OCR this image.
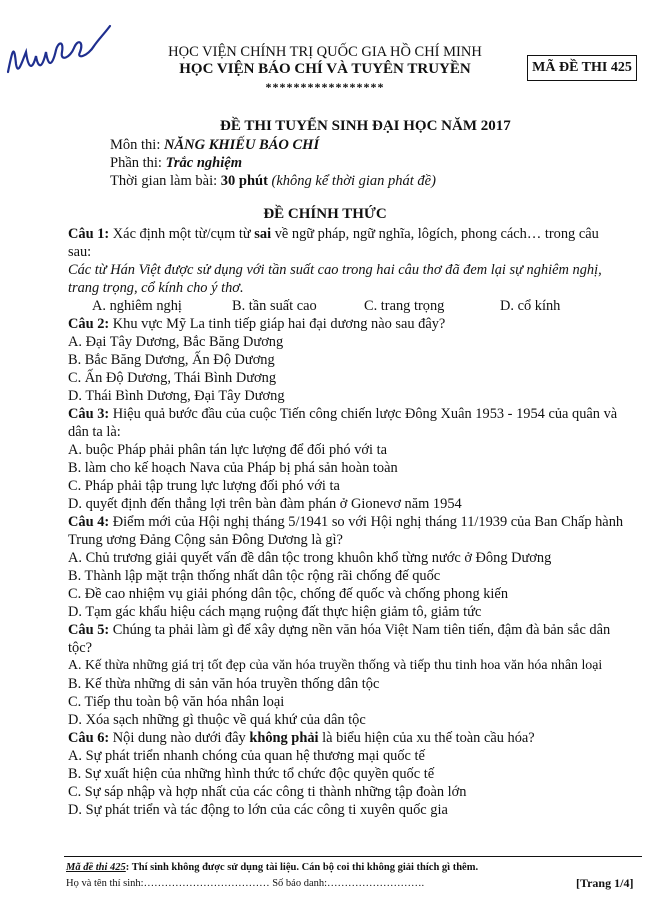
HỌC VIỆN CHÍNH TRỊ QUỐC GIA HỒ CHÍ MINH
HỌC VIỆN BÁO CHÍ VÀ TUYÊN TRUYỀN
*****************
MÃ ĐỀ THI 425
ĐỀ THI TUYỂN SINH ĐẠI HỌC NĂM 2017
Môn thi: NĂNG KHIẾU BÁO CHÍ
Phần thi: Trắc nghiệm
Thời gian làm bài: 30 phút (không kể thời gian phát đề)
ĐỀ CHÍNH THỨC
Câu 1: Xác định một từ/cụm từ sai về ngữ pháp, ngữ nghĩa, lôgích, phong cách… trong câu
sau:
Các từ Hán Việt được sử dụng với tần suất cao trong hai câu thơ đã đem lại sự nghiêm nghị,
trang trọng, cổ kính cho ý thơ.
A. nghiêm nghị	B. tần suất cao	C. trang trọng	D. cổ kính
Câu 2: Khu vực Mỹ La tinh tiếp giáp hai đại dương nào sau đây?
A. Đại Tây Dương, Bắc Băng Dương
B. Bắc Băng Dương, Ấn Độ Dương
C. Ấn Độ Dương, Thái Bình Dương
D. Thái Bình Dương, Đại Tây Dương
Câu 3: Hiệu quả bước đầu của cuộc Tiến công chiến lược Đông Xuân 1953 - 1954 của quân và
dân ta là:
A. buộc Pháp phải phân tán lực lượng để đối phó với ta
B. làm cho kế hoạch Nava của Pháp bị phá sản hoàn toàn
C. Pháp phải tập trung lực lượng đối phó với ta
D. quyết định đến thắng lợi trên bàn đàm phán ở Gionevơ năm 1954
Câu 4: Điểm mới của Hội nghị tháng 5/1941 so với Hội nghị tháng 11/1939 của Ban Chấp hành
Trung ương Đảng Cộng sản Đông Dương là gì?
A. Chủ trương giải quyết vấn đề dân tộc trong khuôn khổ từng nước ở Đông Dương
B. Thành lập mặt trận thống nhất dân tộc rộng rãi chống đế quốc
C. Đề cao nhiệm vụ giải phóng dân tộc, chống đế quốc và chống phong kiến
D. Tạm gác khẩu hiệu cách mạng ruộng đất thực hiện giảm tô, giảm tức
Câu 5: Chúng ta phải làm gì để xây dựng nền văn hóa Việt Nam tiên tiến, đậm đà bản sắc dân
tộc?
A. Kế thừa những giá trị tốt đẹp của văn hóa truyền thống và tiếp thu tinh hoa văn hóa nhân loại
B. Kế thừa những di sản văn hóa truyền thống dân tộc
C. Tiếp thu toàn bộ văn hóa nhân loại
D. Xóa sạch những gì thuộc về quá khứ của dân tộc
Câu 6: Nội dung nào dưới đây không phải là biểu hiện của xu thế toàn cầu hóa?
A. Sự phát triển nhanh chóng của quan hệ thương mại quốc tế
B. Sự xuất hiện của những hình thức tổ chức độc quyền quốc tế
C. Sự sáp nhập và hợp nhất của các công ti thành những tập đoàn lớn
D. Sự phát triển và tác động to lớn của các công ti xuyên quốc gia
Mã đề thi 425: Thí sinh không được sử dụng tài liệu. Cán bộ coi thi không giải thích gì thêm.
Họ và tên thí sinh:……………………………… Số báo danh:……………………….	[Trang 1/4]
